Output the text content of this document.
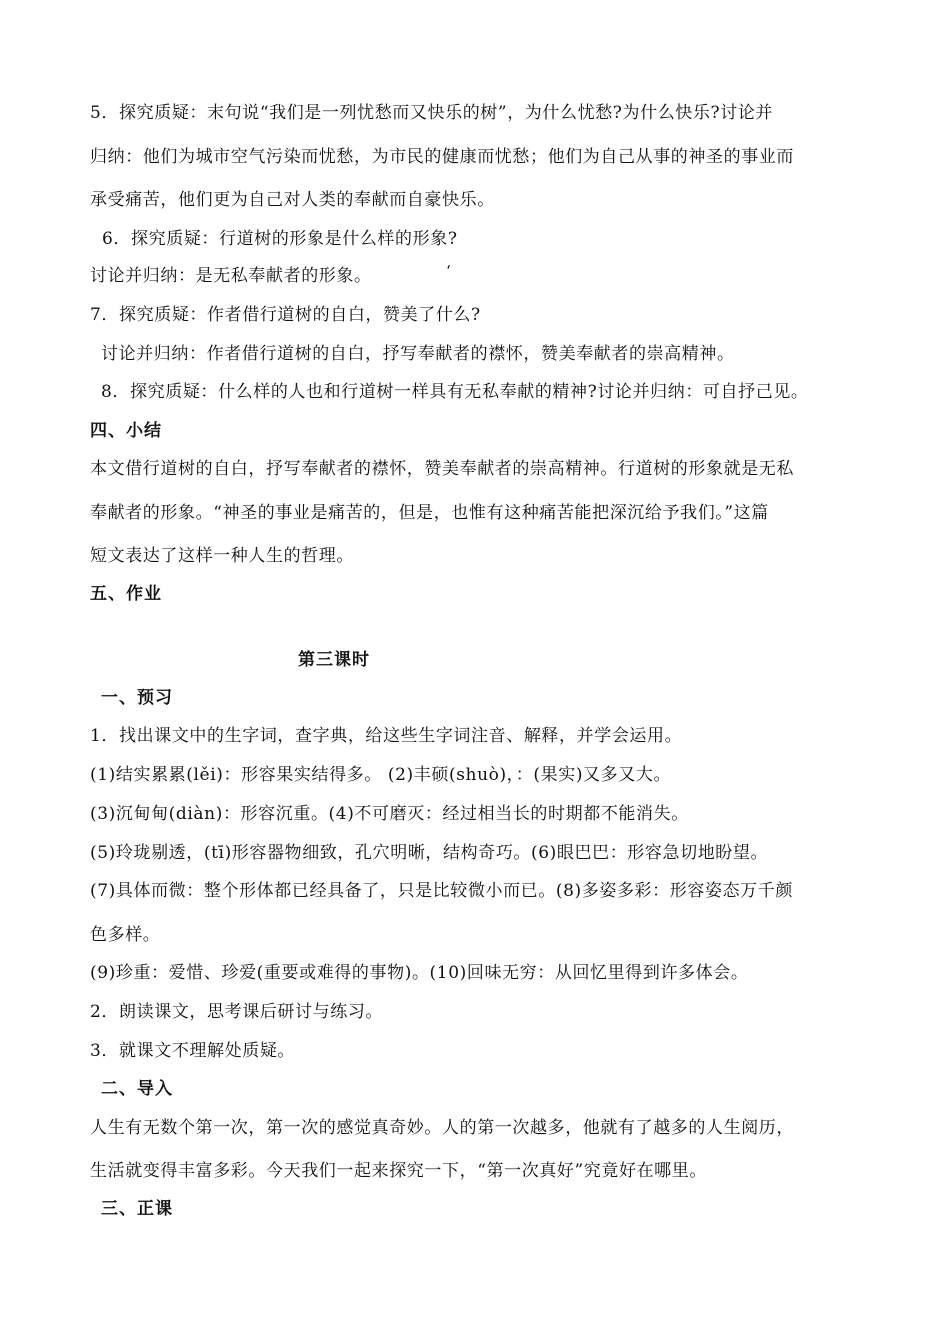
5．探究质疑：末句说“我们是一列忧愁而又快乐的树”，为什么忧愁?为什么快乐?讨论并
归纳：他们为城市空气污染而忧愁，为市民的健康而忧愁；他们为自己从事的神圣的事业而
承受痛苦，他们更为自己对人类的奉献而自豪快乐。
6．探究质疑：行道树的形象是什么样的形象?
讨论并归纳：是无私奉献者的形象。	‘
7．探究质疑：作者借行道树的自白，赞美了什么?
讨论并归纳：作者借行道树的自白，抒写奉献者的襟怀，赞美奉献者的崇高精神。
8．探究质疑：什么样的人也和行道树一样具有无私奉献的精神?讨论并归纳：可自抒己见。
四、小结
本文借行道树的自白，抒写奉献者的襟怀，赞美奉献者的崇高精神。行道树的形象就是无私
奉献者的形象。“神圣的事业是痛苦的，但是，也惟有这种痛苦能把深沉给予我们。”这篇
短文表达了这样一种人生的哲理。
五、作业
第三课时
一、预习
1．找出课文中的生字词，查字典，给这些生字词注音、解释，并学会运用。
(1)结实累累(lěi)：形容果实结得多。 (2)丰硕(shuò)，：(果实)又多又大。
(3)沉甸甸(diàn)：形容沉重。(4)不可磨灭：经过相当长的时期都不能消失。
(5)玲珑剔透，(tī)形容器物细致，孔穴明晰，结构奇巧。(6)眼巴巴：形容急切地盼望。
(7)具体而微：整个形体都已经具备了，只是比较微小而已。(8)多姿多彩：形容姿态万千颜
色多样。
(9)珍重：爱惜、珍爱(重要或难得的事物)。(10)回味无穷：从回忆里得到许多体会。
2．朗读课文，思考课后研讨与练习。
3．就课文不理解处质疑。
二、导入
人生有无数个第一次，第一次的感觉真奇妙。人的第一次越多，他就有了越多的人生阅历，
生活就变得丰富多彩。今天我们一起来探究一下，“第一次真好”究竟好在哪里。
三、正课
